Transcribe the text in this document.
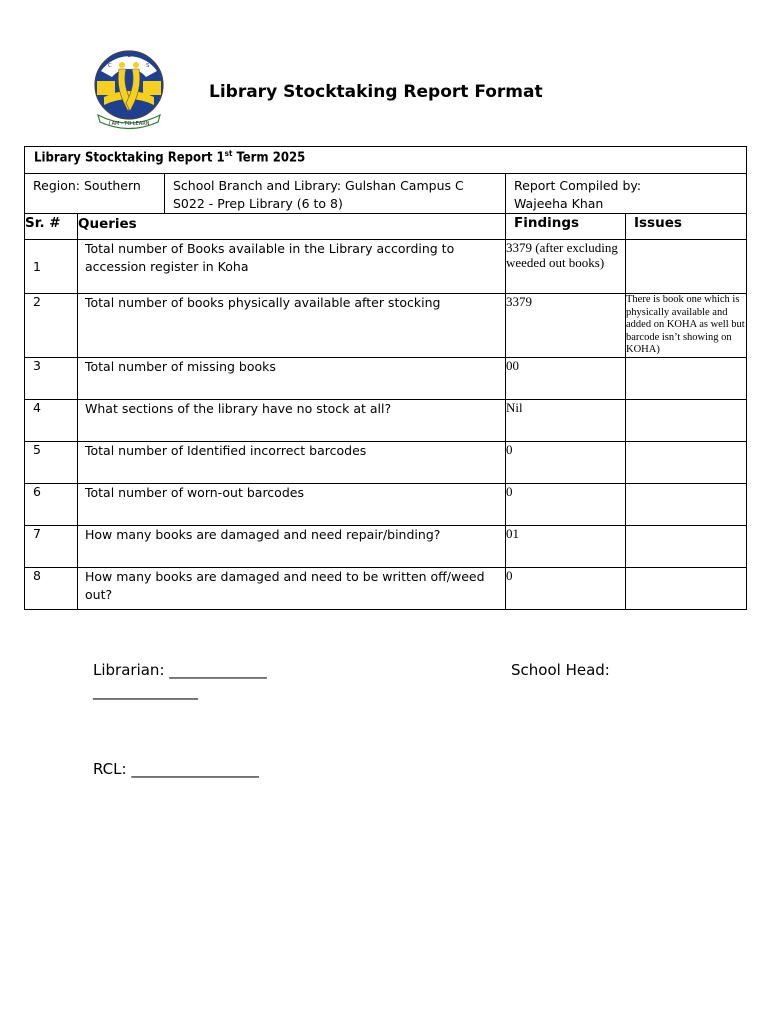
L
C	S
I AM - TO LEARN
Library Stocktaking Report Format
Library Stocktaking Report 1st Term 2025				
Region: Southern		School Branch and Library: Gulshan Campus C S022 - Prep Library (6 to 8)	Report Compiled by:
Wajeeha Khan	

Sr. #	Queries		Findings	Issues
1	Total number of Books available in the Library according to accession register in Koha		3379 (after excluding weeded out books)	
2	Total number of books physically available after stocking		3379	There is book one which is physically available and added on KOHA as well but barcode isn’t showing on KOHA)
3	Total number of missing books		00	
4	What sections of the library have no stock at all?		Nil	
5	Total number of Identified incorrect barcodes		0	
6	Total number of worn-out barcodes		0	
7	How many books are damaged and need repair/binding?		01	
8	How many books are damaged and need to be written off/weed out?		0	
Librarian: _____________	School Head:
______________
RCL: _________________
